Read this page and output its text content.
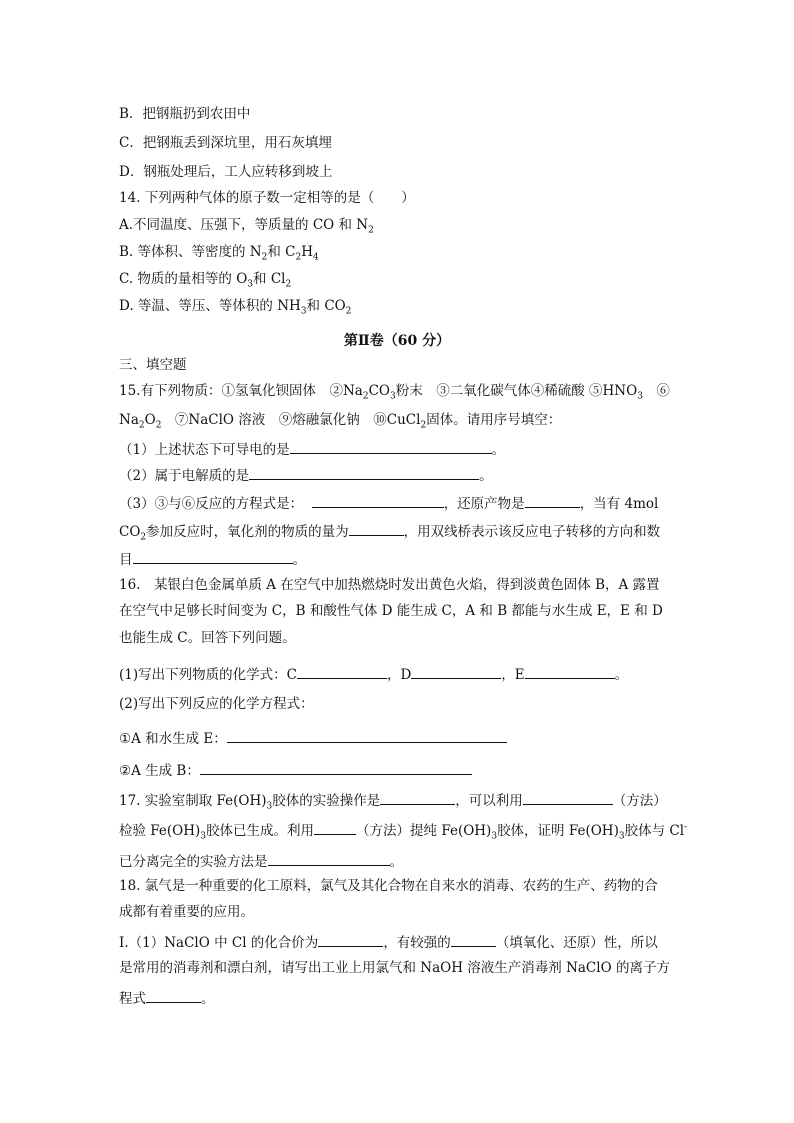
B．把钢瓶扔到农田中
C．把钢瓶丢到深坑里，用石灰填埋
D．钢瓶处理后，工人应转移到坡上
14. 下列两种气体的原子数一定相等的是（　　）
A.不同温度、压强下，等质量的 CO 和 $N_2$
B. 等体积、等密度的 $N_2$和 $C_2H_4$
C. 物质的量相等的 $O_3$和 $Cl_2$
D. 等温、等压、等体积的 $NH_3$和 $CO_2$
第Ⅱ卷（60 分）
三、填空题
15.有下列物质：①氢氧化钡固体　$②Na_2CO_3$粉末　③二氧化碳气体④稀硫酸 $⑤HNO_3$　⑥
$Na_2O_2$　⑦NaClO 溶液　⑨熔融氯化钠　⑩CuCl$_2$固体。请用序号填空：
（1）上述状态下可导电的是	。
（2）属于电解质的是	。
（3）③与⑥反应的方程式是：	，还原产物是	，当有 4mol
$CO_2$参加反应时，氧化剂的物质的量为	，用双线桥表示该反应电子转移的方向和数
目	。
16.　某银白色金属单质 A 在空气中加热燃烧时发出黄色火焰，得到淡黄色固体 B，A 露置
在空气中足够长时间变为 C，B 和酸性气体 D 能生成 C，A 和 B 都能与水生成 E，E 和 D
也能生成 C。回答下列问题。
(1)写出下列物质的化学式：C	，D	，E	。
(2)写出下列反应的化学方程式：
①A 和水生成 E：
②A 生成 B：
17. 实验室制取 $Fe(OH)_3$胶体的实验操作是	，可以利用	（方法）
检验 $Fe(OH)_3$胶体已生成。利用	（方法）提纯 $Fe(OH)_3$胶体，证明 $Fe(OH)_3$胶体与 Cl-
已分离完全的实验方法是	。
18. 氯气是一种重要的化工原料，氯气及其化合物在自来水的消毒、农药的生产、药物的合
成都有着重要的应用。
Ⅰ.（1）NaClO 中 Cl 的化合价为	，有较强的	（填氧化、还原）性，所以
是常用的消毒剂和漂白剂，请写出工业上用氯气和 NaOH 溶液生产消毒剂 NaClO 的离子方
程式	。
